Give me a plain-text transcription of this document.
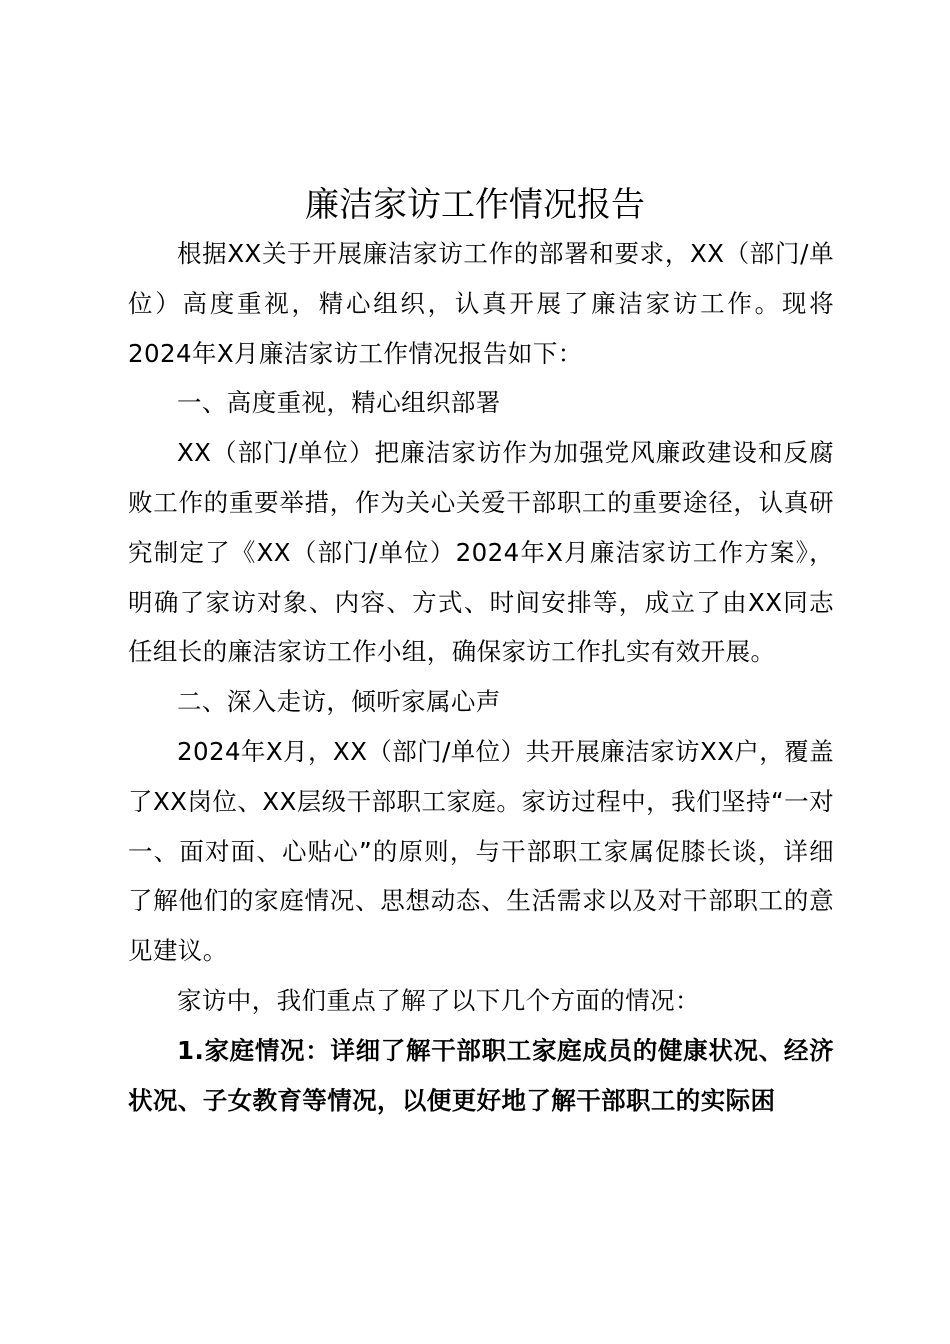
廉洁家访工作情况报告

根据XX关于开展廉洁家访工作的部署和要求，XX（部门/单位）高度重视，精心组织，认真开展了廉洁家访工作。现将2024年X月廉洁家访工作情况报告如下：

一、高度重视，精心组织部署

XX（部门/单位）把廉洁家访作为加强党风廉政建设和反腐败工作的重要举措，作为关心关爱干部职工的重要途径，认真研究制定了《XX（部门/单位）2024年X月廉洁家访工作方案》，明确了家访对象、内容、方式、时间安排等，成立了由XX同志任组长的廉洁家访工作小组，确保家访工作扎实有效开展。

二、深入走访，倾听家属心声

2024年X月，XX（部门/单位）共开展廉洁家访XX户，覆盖了XX岗位、XX层级干部职工家庭。家访过程中，我们坚持“一对一、面对面、心贴心”的原则，与干部职工家属促膝长谈，详细了解他们的家庭情况、思想动态、生活需求以及对干部职工的意见建议。

家访中，我们重点了解了以下几个方面的情况：

1.家庭情况：详细了解干部职工家庭成员的健康状况、经济状况、子女教育等情况，以便更好地了解干部职工的实际困
